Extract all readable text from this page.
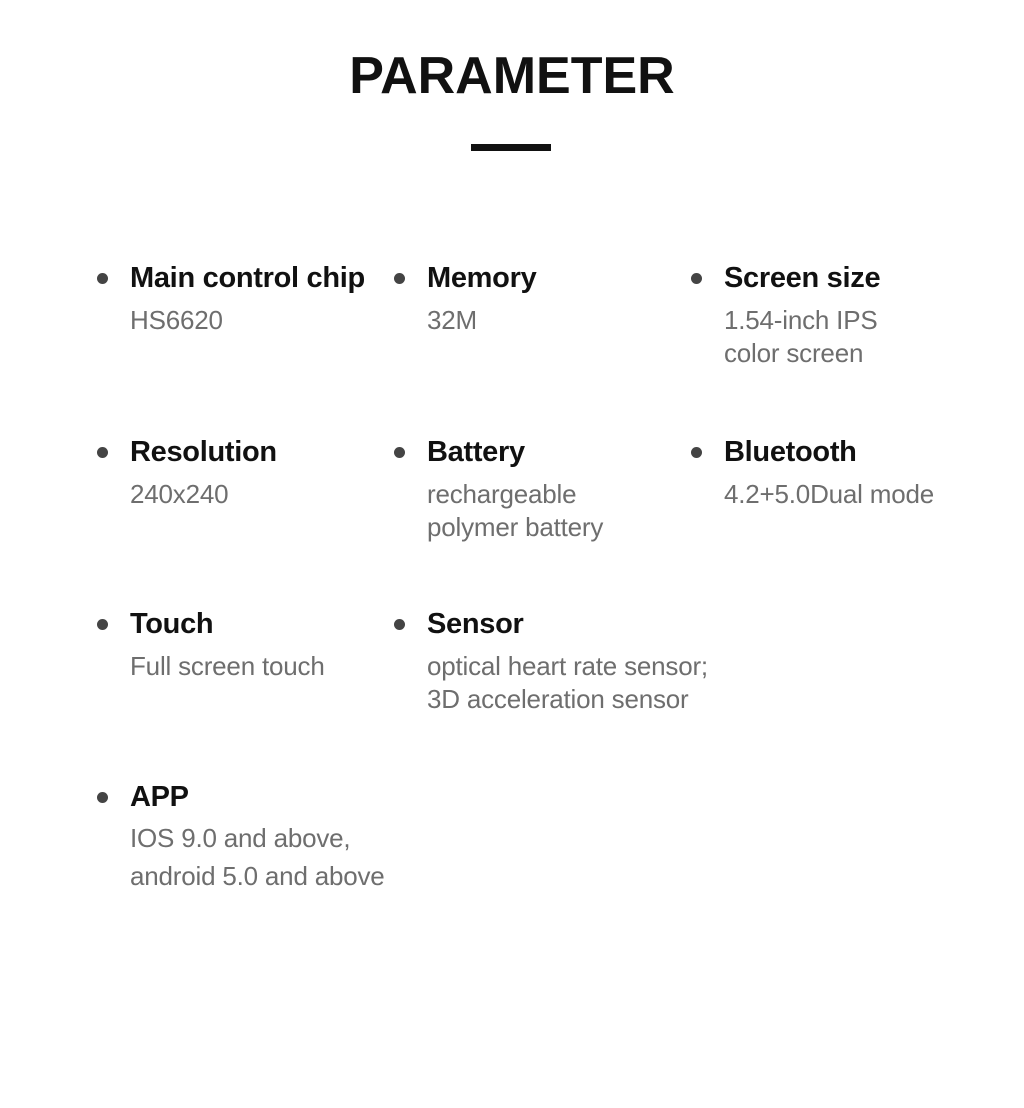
PARAMETER
Main control chip

HS6620

Memory

32M

Screen size

1.54-inch IPS
color screen

Resolution

240x240

Battery

rechargeable
polymer battery

Bluetooth

4.2+5.0Dual mode

Touch

Full screen touch

Sensor

optical heart rate sensor;
3D acceleration sensor

APP

IOS 9.0 and above,
android 5.0 and above
